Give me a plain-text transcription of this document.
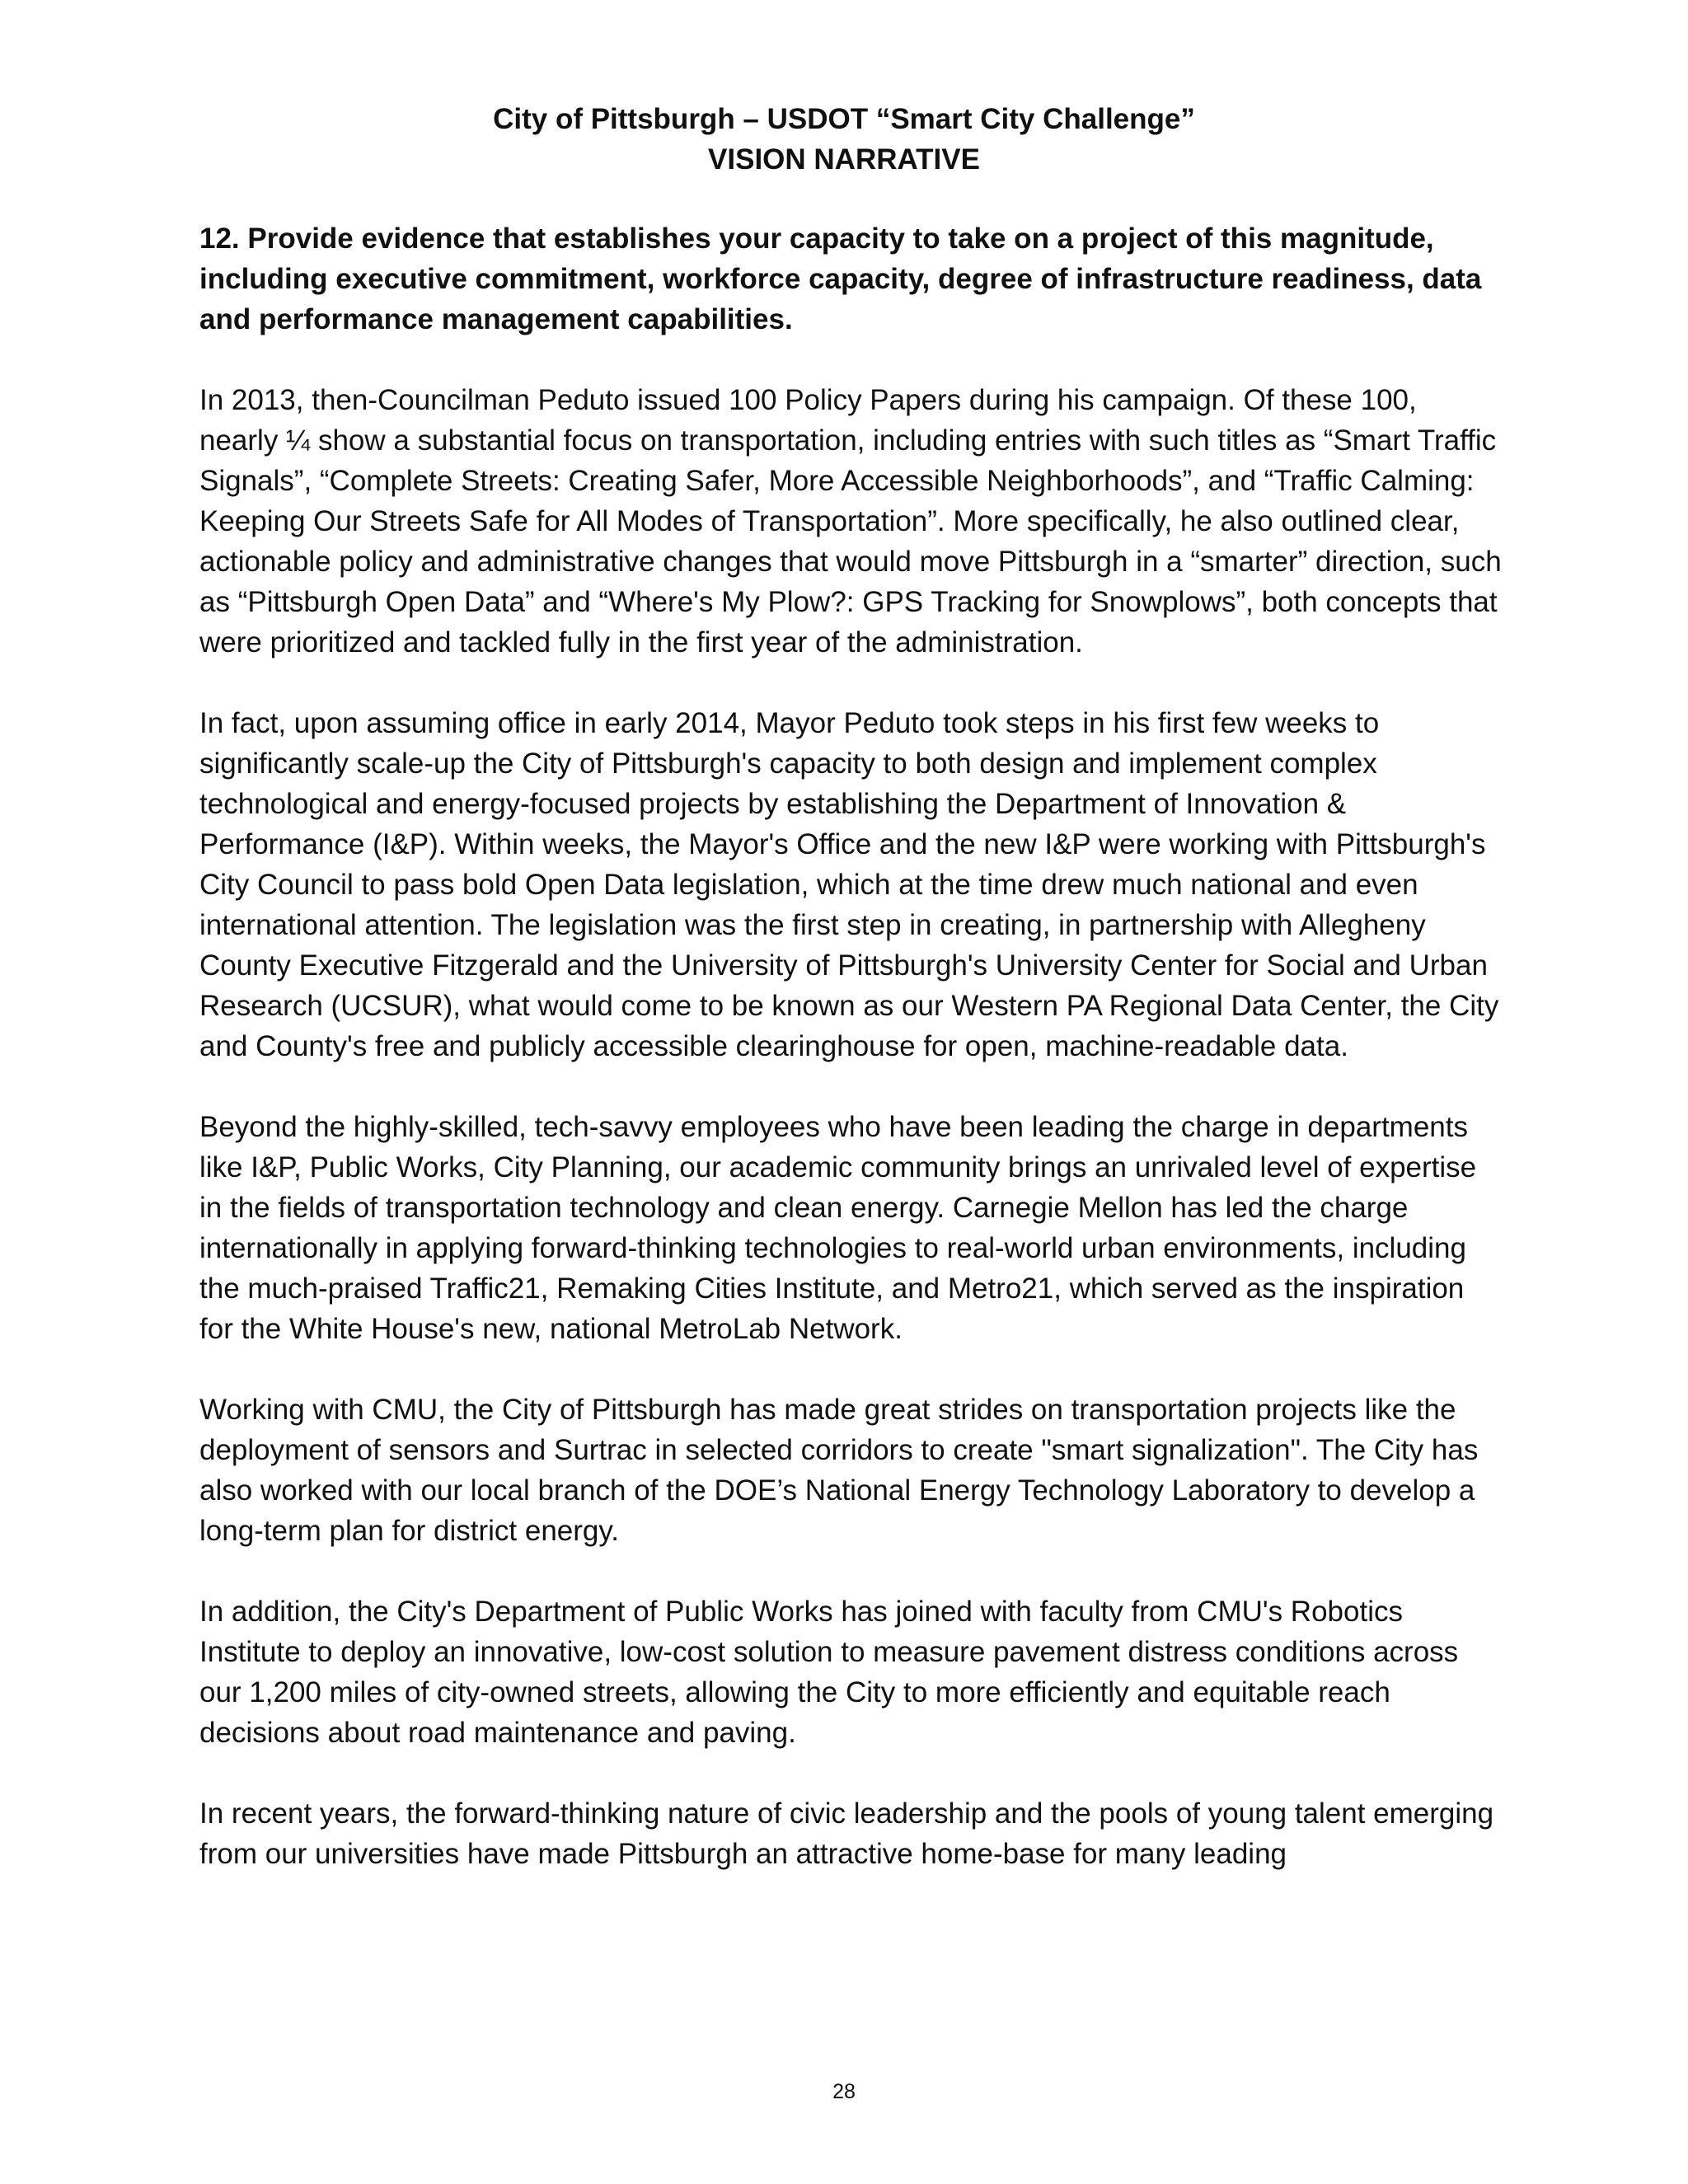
City of Pittsburgh – USDOT “Smart City Challenge”
VISION NARRATIVE

12. Provide evidence that establishes your capacity to take on a project of this magnitude, including executive commitment, workforce capacity, degree of infrastructure readiness, data and performance management capabilities.

In 2013, then-Councilman Peduto issued 100 Policy Papers during his campaign. Of these 100, nearly ¼ show a substantial focus on transportation, including entries with such titles as “Smart Traffic Signals”, “Complete Streets: Creating Safer, More Accessible Neighborhoods”, and “Traffic Calming: Keeping Our Streets Safe for All Modes of Transportation”. More specifically, he also outlined clear, actionable policy and administrative changes that would move Pittsburgh in a “smarter” direction, such as “Pittsburgh Open Data” and “Where's My Plow?: GPS Tracking for Snowplows”, both concepts that were prioritized and tackled fully in the first year of the administration.

In fact, upon assuming office in early 2014, Mayor Peduto took steps in his first few weeks to significantly scale-up the City of Pittsburgh's capacity to both design and implement complex technological and energy-focused projects by establishing the Department of Innovation & Performance (I&P). Within weeks, the Mayor's Office and the new I&P were working with Pittsburgh's City Council to pass bold Open Data legislation, which at the time drew much national and even international attention. The legislation was the first step in creating, in partnership with Allegheny County Executive Fitzgerald and the University of Pittsburgh's University Center for Social and Urban Research (UCSUR), what would come to be known as our Western PA Regional Data Center, the City and County's free and publicly accessible clearinghouse for open, machine-readable data.

Beyond the highly-skilled, tech-savvy employees who have been leading the charge in departments like I&P, Public Works, City Planning, our academic community brings an unrivaled level of expertise in the fields of transportation technology and clean energy. Carnegie Mellon has led the charge internationally in applying forward-thinking technologies to real-world urban environments, including the much-praised Traffic21, Remaking Cities Institute, and Metro21, which served as the inspiration for the White House's new, national MetroLab Network.

Working with CMU, the City of Pittsburgh has made great strides on transportation projects like the deployment of sensors and Surtrac in selected corridors to create "smart signalization". The City has also worked with our local branch of the DOE’s National Energy Technology Laboratory to develop a long-term plan for district energy.

In addition, the City's Department of Public Works has joined with faculty from CMU's Robotics Institute to deploy an innovative, low-cost solution to measure pavement distress conditions across our 1,200 miles of city-owned streets, allowing the City to more efficiently and equitable reach decisions about road maintenance and paving.

In recent years, the forward-thinking nature of civic leadership and the pools of young talent emerging from our universities have made Pittsburgh an attractive home-base for many leading

28
